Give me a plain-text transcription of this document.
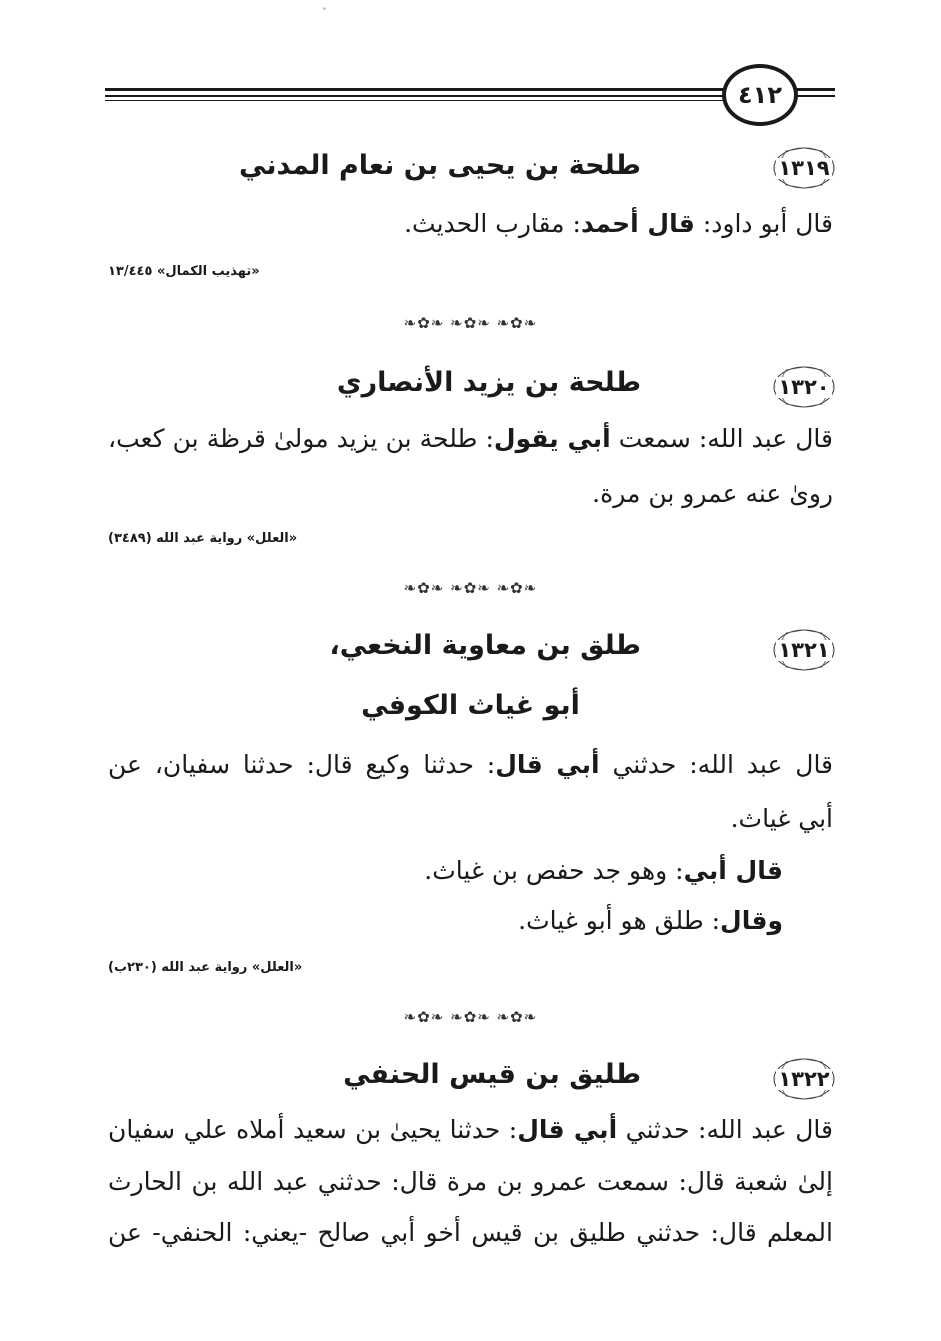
ˇ
٤١٢
١٣١٩
طلحة بن يحيى بن نعام المدني
قال أبو داود: قال أحمد: مقارب الحديث.
«تهذيب الكمال» ١٣/٤٤٥
❧✿❧ ❧✿❧ ❧✿❧
١٣٢٠
طلحة بن يزيد الأنصاري
قال عبد الله: سمعت أبي يقول: طلحة بن يزيد مولىٰ قرظة بن كعب،
رویٰ عنه عمرو بن مرة.
«العلل» رواية عبد الله (٣٤٨٩)
❧✿❧ ❧✿❧ ❧✿❧
١٣٢١
طلق بن معاوية النخعي،
أبو غياث الكوفي
قال عبد الله: حدثني أبي قال: حدثنا وكيع قال: حدثنا سفيان، عن
أبي غياث.
قال أبي: وهو جد حفص بن غياث.
وقال: طلق هو أبو غياث.
«العلل» رواية عبد الله (٢٣٠ب)
❧✿❧ ❧✿❧ ❧✿❧
١٣٢٢
طليق بن قيس الحنفي
قال عبد الله: حدثني أبي قال: حدثنا يحيىٰ بن سعيد أملاه علي سفيان
إلىٰ شعبة قال: سمعت عمرو بن مرة قال: حدثني عبد الله بن الحارث
المعلم قال: حدثني طليق بن قيس أخو أبي صالح -يعني: الحنفي- عن
